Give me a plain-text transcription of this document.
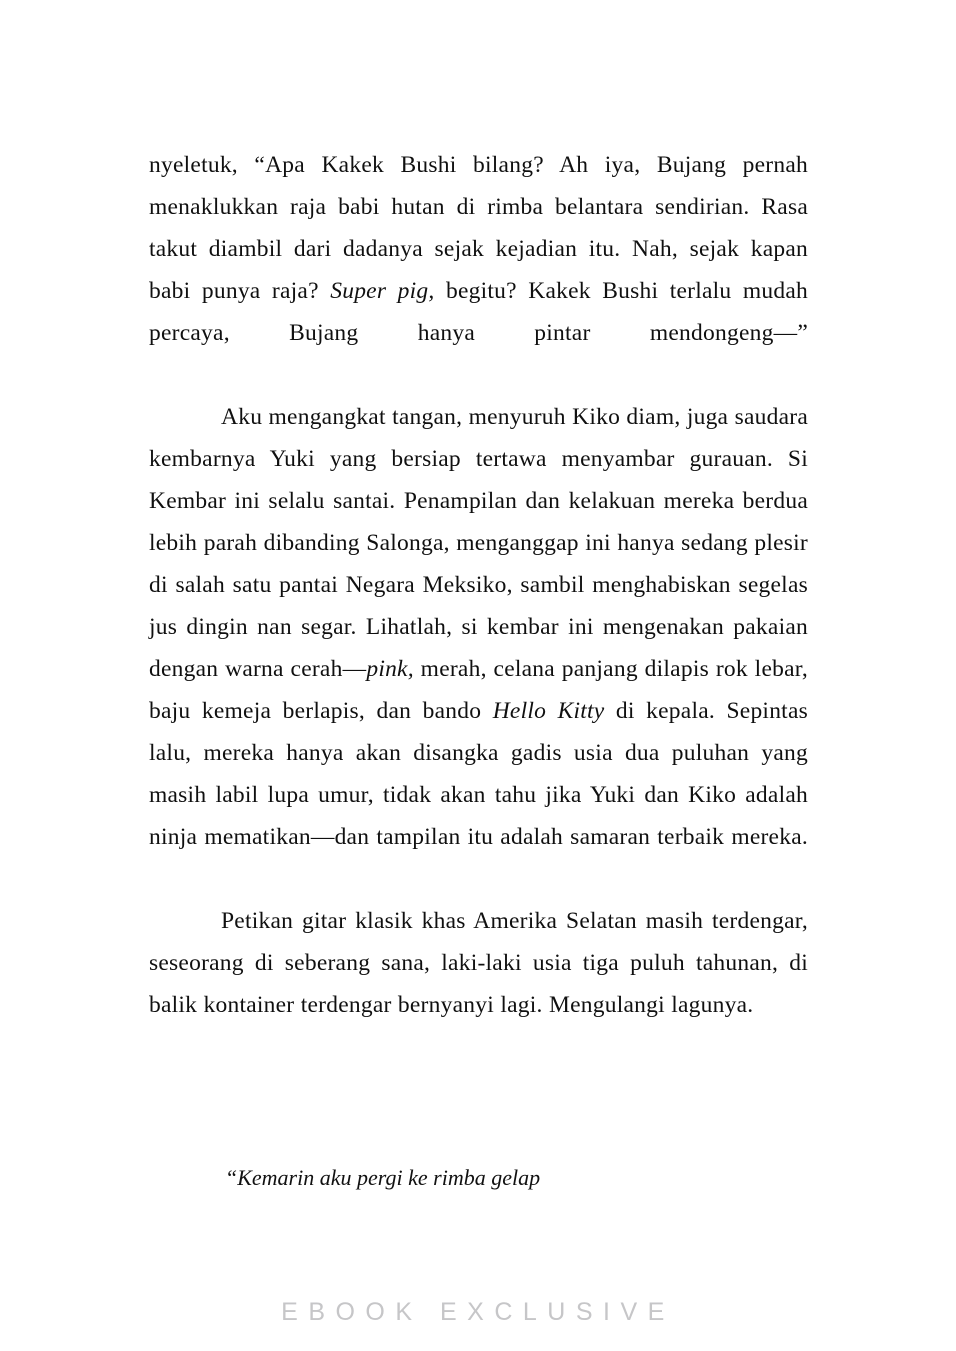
nyeletuk, “Apa Kakek Bushi bilang? Ah iya, Bujang pernah menaklukkan raja babi hutan di rimba belantara sendirian. Rasa takut diambil dari dadanya sejak kejadian itu. Nah, sejak kapan babi punya raja? Super pig, begitu? Kakek Bushi terlalu mudah percaya, Bujang hanya pintar mendongeng—”

Aku mengangkat tangan, menyuruh Kiko diam, juga saudara kembarnya Yuki yang bersiap tertawa menyambar gurauan. Si Kembar ini selalu santai. Penampilan dan kelakuan mereka berdua lebih parah dibanding Salonga, menganggap ini hanya sedang plesir di salah satu pantai Negara Meksiko, sambil menghabiskan segelas jus dingin nan segar. Lihatlah, si kembar ini mengenakan pakaian dengan warna cerah—pink, merah, celana panjang dilapis rok lebar, baju kemeja berlapis, dan bando Hello Kitty di kepala. Sepintas lalu, mereka hanya akan disangka gadis usia dua puluhan yang masih labil lupa umur, tidak akan tahu jika Yuki dan Kiko adalah ninja mematikan—dan tampilan itu adalah samaran terbaik mereka.

Petikan gitar klasik khas Amerika Selatan masih terdengar, seseorang di seberang sana, laki-laki usia tiga puluh tahunan, di balik kontainer terdengar bernyanyi lagi. Mengulangi lagunya.

“Kemarin aku pergi ke rimba gelap

EBOOK EXCLUSIVE
